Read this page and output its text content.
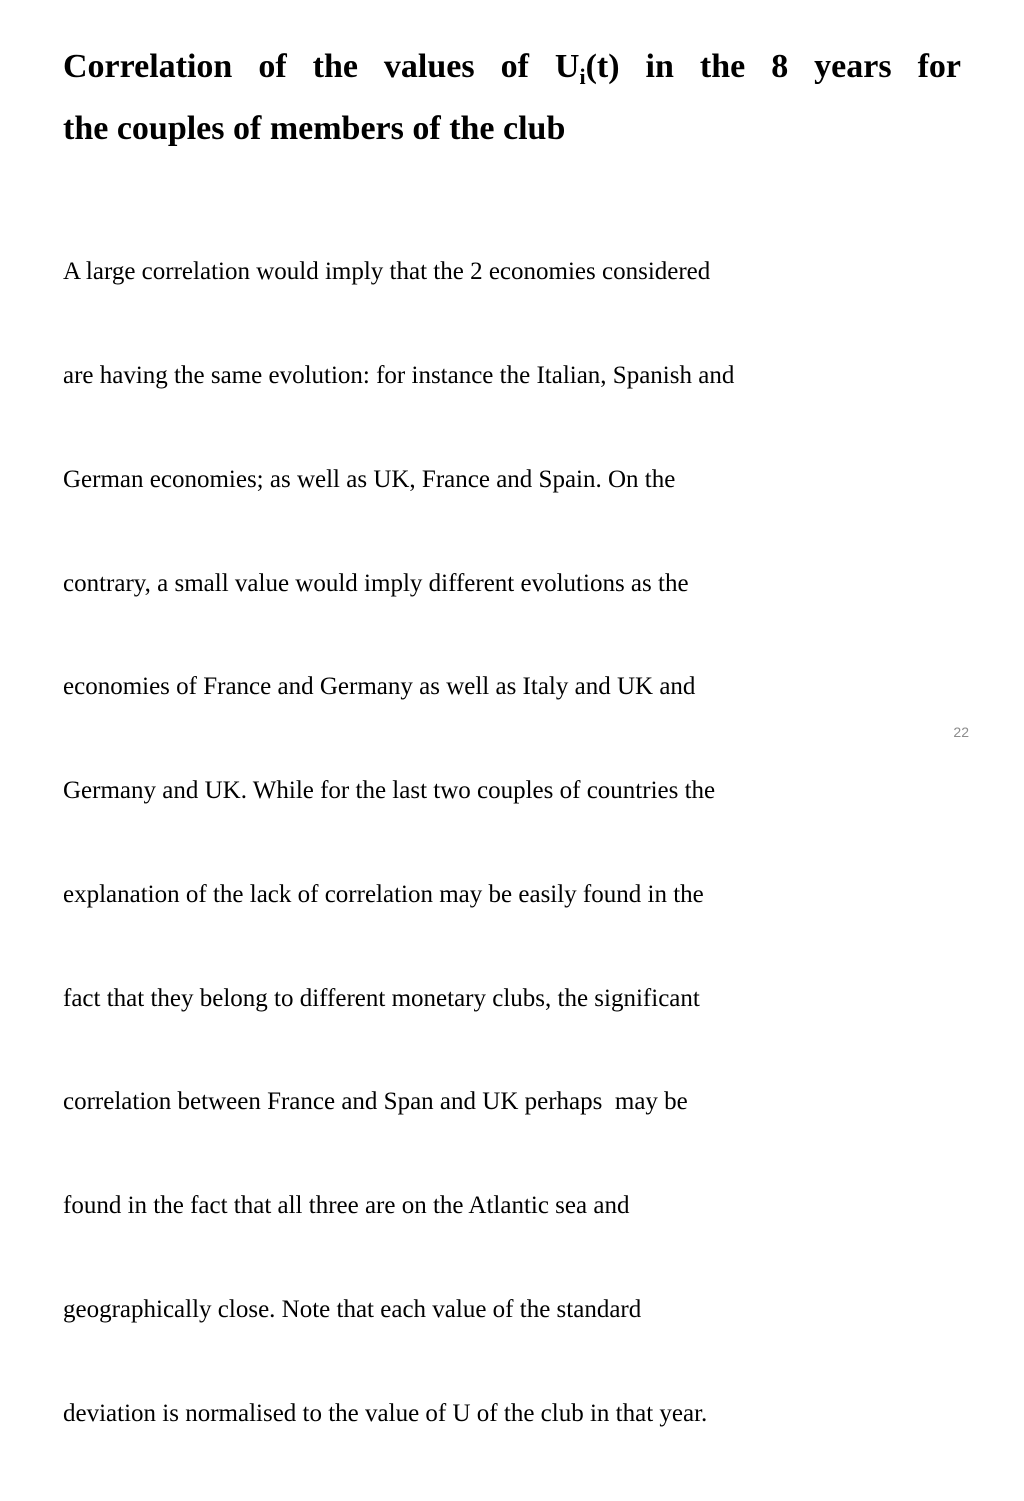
Correlation of the values of $U_i(t)$ in the 8 years for
the couples of members of the club

A large correlation would imply that the 2 economies considered

are having the same evolution: for instance the Italian, Spanish and

German economies; as well as UK, France and Spain. On the

contrary, a small value would imply different evolutions as the

economies of France and Germany as well as Italy and UK and

Germany and UK. While for the last two couples of countries the

explanation of the lack of correlation may be easily found in the

fact that they belong to different monetary clubs, the significant

correlation between France and Span and UK perhaps  may be

found in the fact that all three are on the Atlantic sea and

geographically close. Note that each value of the standard

deviation is normalised to the value of U of the club in that year.

22
